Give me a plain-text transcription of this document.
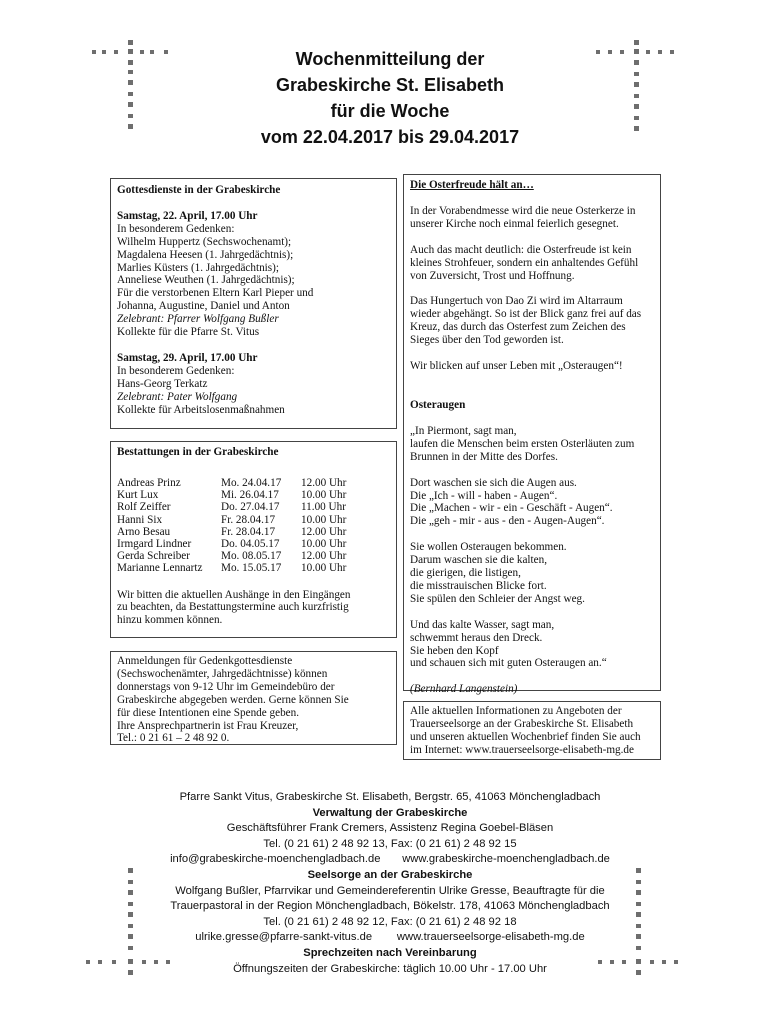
Wochenmitteilung der
Grabeskirche St. Elisabeth
für die Woche
vom 22.04.2017 bis 29.04.2017

Gottesdienste in der Grabeskirche

Samstag, 22. April, 17.00 Uhr

In besonderem Gedenken:

Wilhelm Huppertz (Sechswochenamt);

Magdalena Heesen (1. Jahrgedächtnis);

Marlies Küsters (1. Jahrgedächtnis);

Anneliese Weuthen (1. Jahrgedächtnis);

Für die verstorbenen Eltern Karl Pieper und

Johanna, Augustine, Daniel und Anton

Zelebrant: Pfarrer Wolfgang Bußler

Kollekte für die Pfarre St. Vitus

Samstag, 29. April, 17.00 Uhr

In besonderem Gedenken:

Hans-Georg Terkatz

Zelebrant: Pater Wolfgang

Kollekte für Arbeitslosenmaßnahmen

Bestattungen in der Grabeskirche

Andreas Prinz	Mo. 24.04.17	12.00 Uhr
Kurt Lux	Mi. 26.04.17	10.00 Uhr
Rolf Zeiffer	Do. 27.04.17	11.00 Uhr
Hanni Six	Fr. 28.04.17	10.00 Uhr
Arno Besau	Fr. 28.04.17	12.00 Uhr
Irmgard Lindner	Do. 04.05.17	10.00 Uhr
Gerda Schreiber	Mo. 08.05.17	12.00 Uhr
Marianne Lennartz	Mo. 15.05.17	10.00 Uhr

Wir bitten die aktuellen Aushänge in den Eingängen

zu beachten, da Bestattungstermine auch kurzfristig

hinzu kommen können.

Anmeldungen für Gedenkgottesdienste

(Sechswochenämter, Jahrgedächtnisse) können

donnerstags von 9-12 Uhr im Gemeindebüro der

Grabeskirche abgegeben werden. Gerne können Sie

für diese Intentionen eine Spende geben.

Ihre Ansprechpartnerin ist Frau Kreuzer,

Tel.: 0 21 61 – 2 48 92 0.

Die Osterfreude hält an…

In der Vorabendmesse wird die neue Osterkerze in

unserer Kirche noch einmal feierlich gesegnet.

Auch das macht deutlich: die Osterfreude ist kein

kleines Strohfeuer, sondern ein anhaltendes Gefühl

von Zuversicht, Trost und Hoffnung.

Das Hungertuch von Dao Zi wird im Altarraum

wieder abgehängt. So ist der Blick ganz frei auf das

Kreuz, das durch das Osterfest zum Zeichen des

Sieges über den Tod geworden ist.

Wir blicken auf unser Leben mit „Osteraugen“!

Osteraugen

„In Piermont, sagt man,

laufen die Menschen beim ersten Osterläuten zum

Brunnen in der Mitte des Dorfes.

Dort waschen sie sich die Augen aus.

Die „Ich - will - haben - Augen“.

Die „Machen - wir - ein - Geschäft - Augen“.

Die „geh - mir - aus - den - Augen-Augen“.

Sie wollen Osteraugen bekommen.

Darum waschen sie die kalten,

die gierigen, die listigen,

die misstrauischen Blicke fort.

Sie spülen den Schleier der Angst weg.

Und das kalte Wasser, sagt man,

schwemmt heraus den Dreck.

Sie heben den Kopf

und schauen sich mit guten Osteraugen an.“

(Bernhard Langenstein)

Alle aktuellen Informationen zu Angeboten der

Trauerseelsorge an der Grabeskirche St. Elisabeth

und unseren aktuellen Wochenbrief finden Sie auch

im Internet: www.trauerseelsorge-elisabeth-mg.de

Pfarre Sankt Vitus, Grabeskirche St. Elisabeth, Bergstr. 65, 41063 Mönchengladbach
Verwaltung der Grabeskirche
Geschäftsführer Frank Cremers, Assistenz Regina Goebel-Bläsen
Tel. (0 21 61) 2 48 92 13, Fax: (0 21 61) 2 48 92 15
info@grabeskirche-moenchengladbach.de       www.grabeskirche-moenchengladbach.de
Seelsorge an der Grabeskirche
Wolfgang Bußler, Pfarrvikar und Gemeindereferentin Ulrike Gresse, Beauftragte für die
Trauerpastoral in der Region Mönchengladbach, Bökelstr. 178, 41063 Mönchengladbach
Tel. (0 21 61) 2 48 92 12, Fax: (0 21 61) 2 48 92 18
ulrike.gresse@pfarre-sankt-vitus.de        www.trauerseelsorge-elisabeth-mg.de
Sprechzeiten nach Vereinbarung
Öffnungszeiten der Grabeskirche: täglich 10.00 Uhr - 17.00 Uhr
